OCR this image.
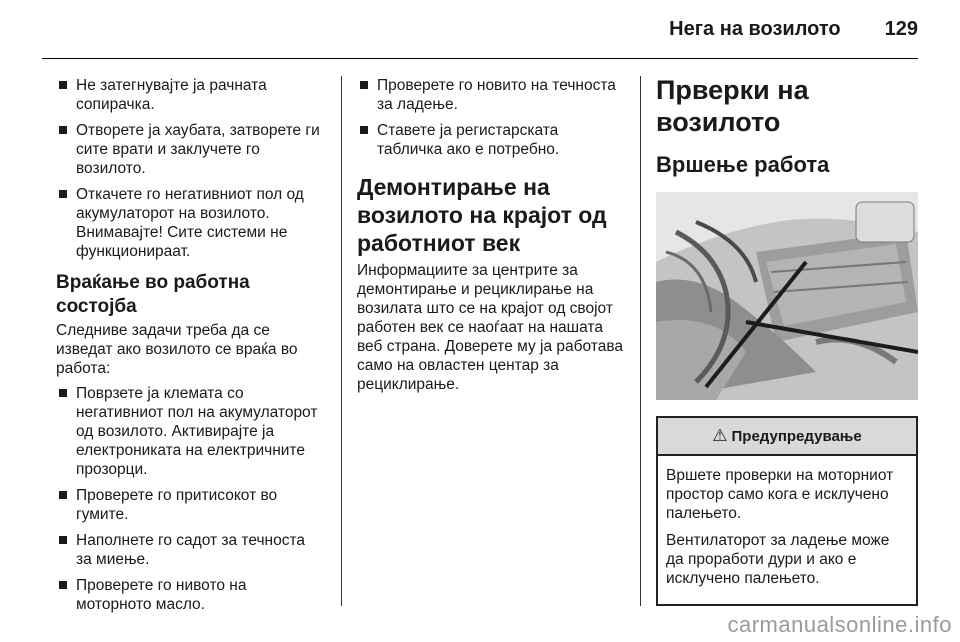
Нега на возилото 129
Не затегнувајте ја рачната сопирачка.
Отворете ја хаубата, затворете ги сите врати и заклучете го возилото.
Откачете го негативниот пол од акумулаторот на возилото. Внимавајте! Сите системи не функционираат.
Враќање во работна состојба
Следниве задачи треба да се изведат ако возилото се враќа во работа:
Поврзете ја клемата со негативниот пол на акумулаторот од возилото. Активирајте ја електрониката на електричните прозорци.
Проверете го притисокот во гумите.
Наполнете го садот за течноста за миење.
Проверете го нивото на моторното масло.
Проверете го новито на течноста за ладење.
Ставете ја регистарската табличка ако е потребно.
Демонтирање на возилото на крајот од работниот век
Информациите за центрите за демонтирање и рециклирање на возилата што се на крајот од својот работен век се наоѓаат на нашата веб страна. Доверете му ја работава само на овластен центар за рециклирање.
Прверки на возилото
Вршење работа
⚠ Предупредување
Вршете проверки на моторниот простор само кога е исклучено палењето.
Вентилаторот за ладење може да проработи дури и ако е исклучено палењето.
carmanualsonline.info
